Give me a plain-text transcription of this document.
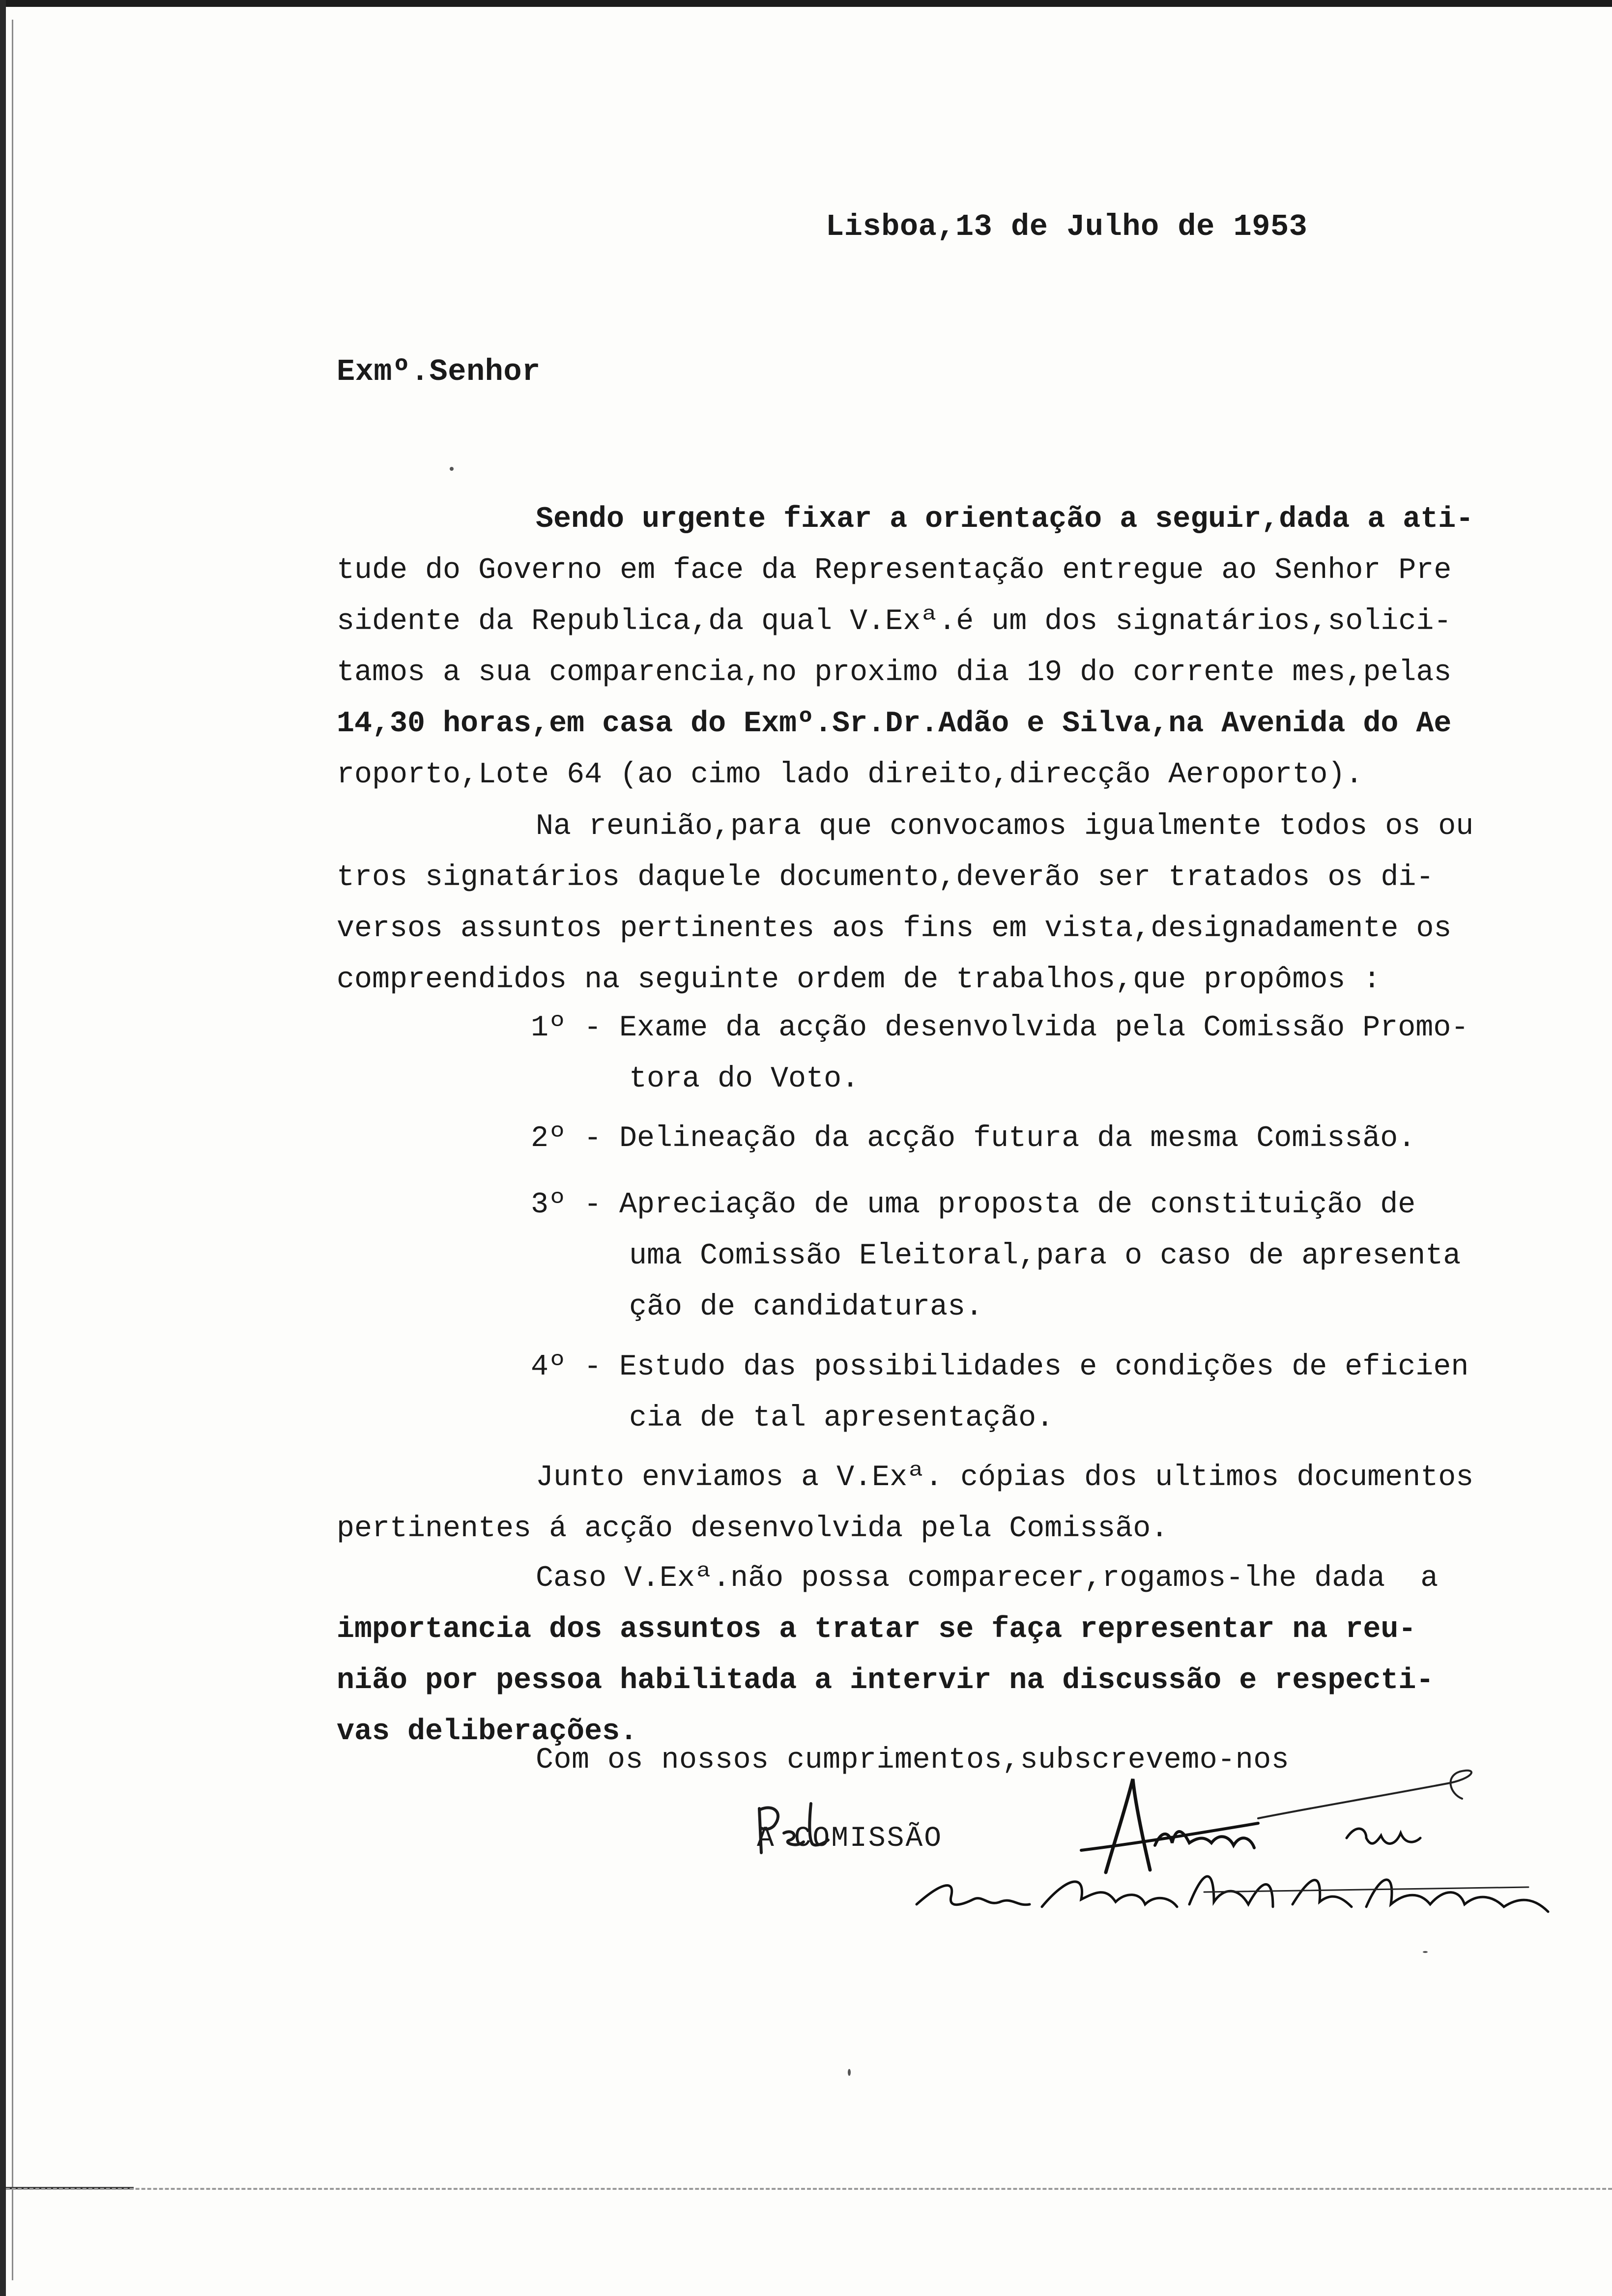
Lisboa,13 de Julho de 1953

Exmº.Senhor

Sendo urgente fixar a orientação a seguir,dada a ati-
tude do Governo em face da Representação entregue ao Senhor Pre
sidente da Republica,da qual V.Exª.é um dos signatários,solici-
tamos a sua comparencia,no proximo dia 19 do corrente mes,pelas
14,30 horas,em casa do Exmº.Sr.Dr.Adão e Silva,na Avenida do Ae
roporto,Lote 64 (ao cimo lado direito,direcção Aeroporto).
Na reunião,para que convocamos igualmente todos os ou
tros signatários daquele documento,deverão ser tratados os di-
versos assuntos pertinentes aos fins em vista,designadamente os
compreendidos na seguinte ordem de trabalhos,que propômos :
1º - Exame da acção desenvolvida pela Comissão Promo-
tora do Voto.
2º - Delineação da acção futura da mesma Comissão.
3º - Apreciação de uma proposta de constituição de
uma Comissão Eleitoral,para o caso de apresenta
ção de candidaturas.
4º - Estudo das possibilidades e condições de eficien
cia de tal apresentação.
Junto enviamos a V.Exª. cópias dos ultimos documentos
pertinentes á acção desenvolvida pela Comissão.
Caso V.Exª.não possa comparecer,rogamos-lhe dada  a
importancia dos assuntos a tratar se faça representar na reu-
nião por pessoa habilitada a intervir na discussão e respecti-
vas deliberações.

Com os nossos cumprimentos,subscrevemo-nos

A COMISSÃO
